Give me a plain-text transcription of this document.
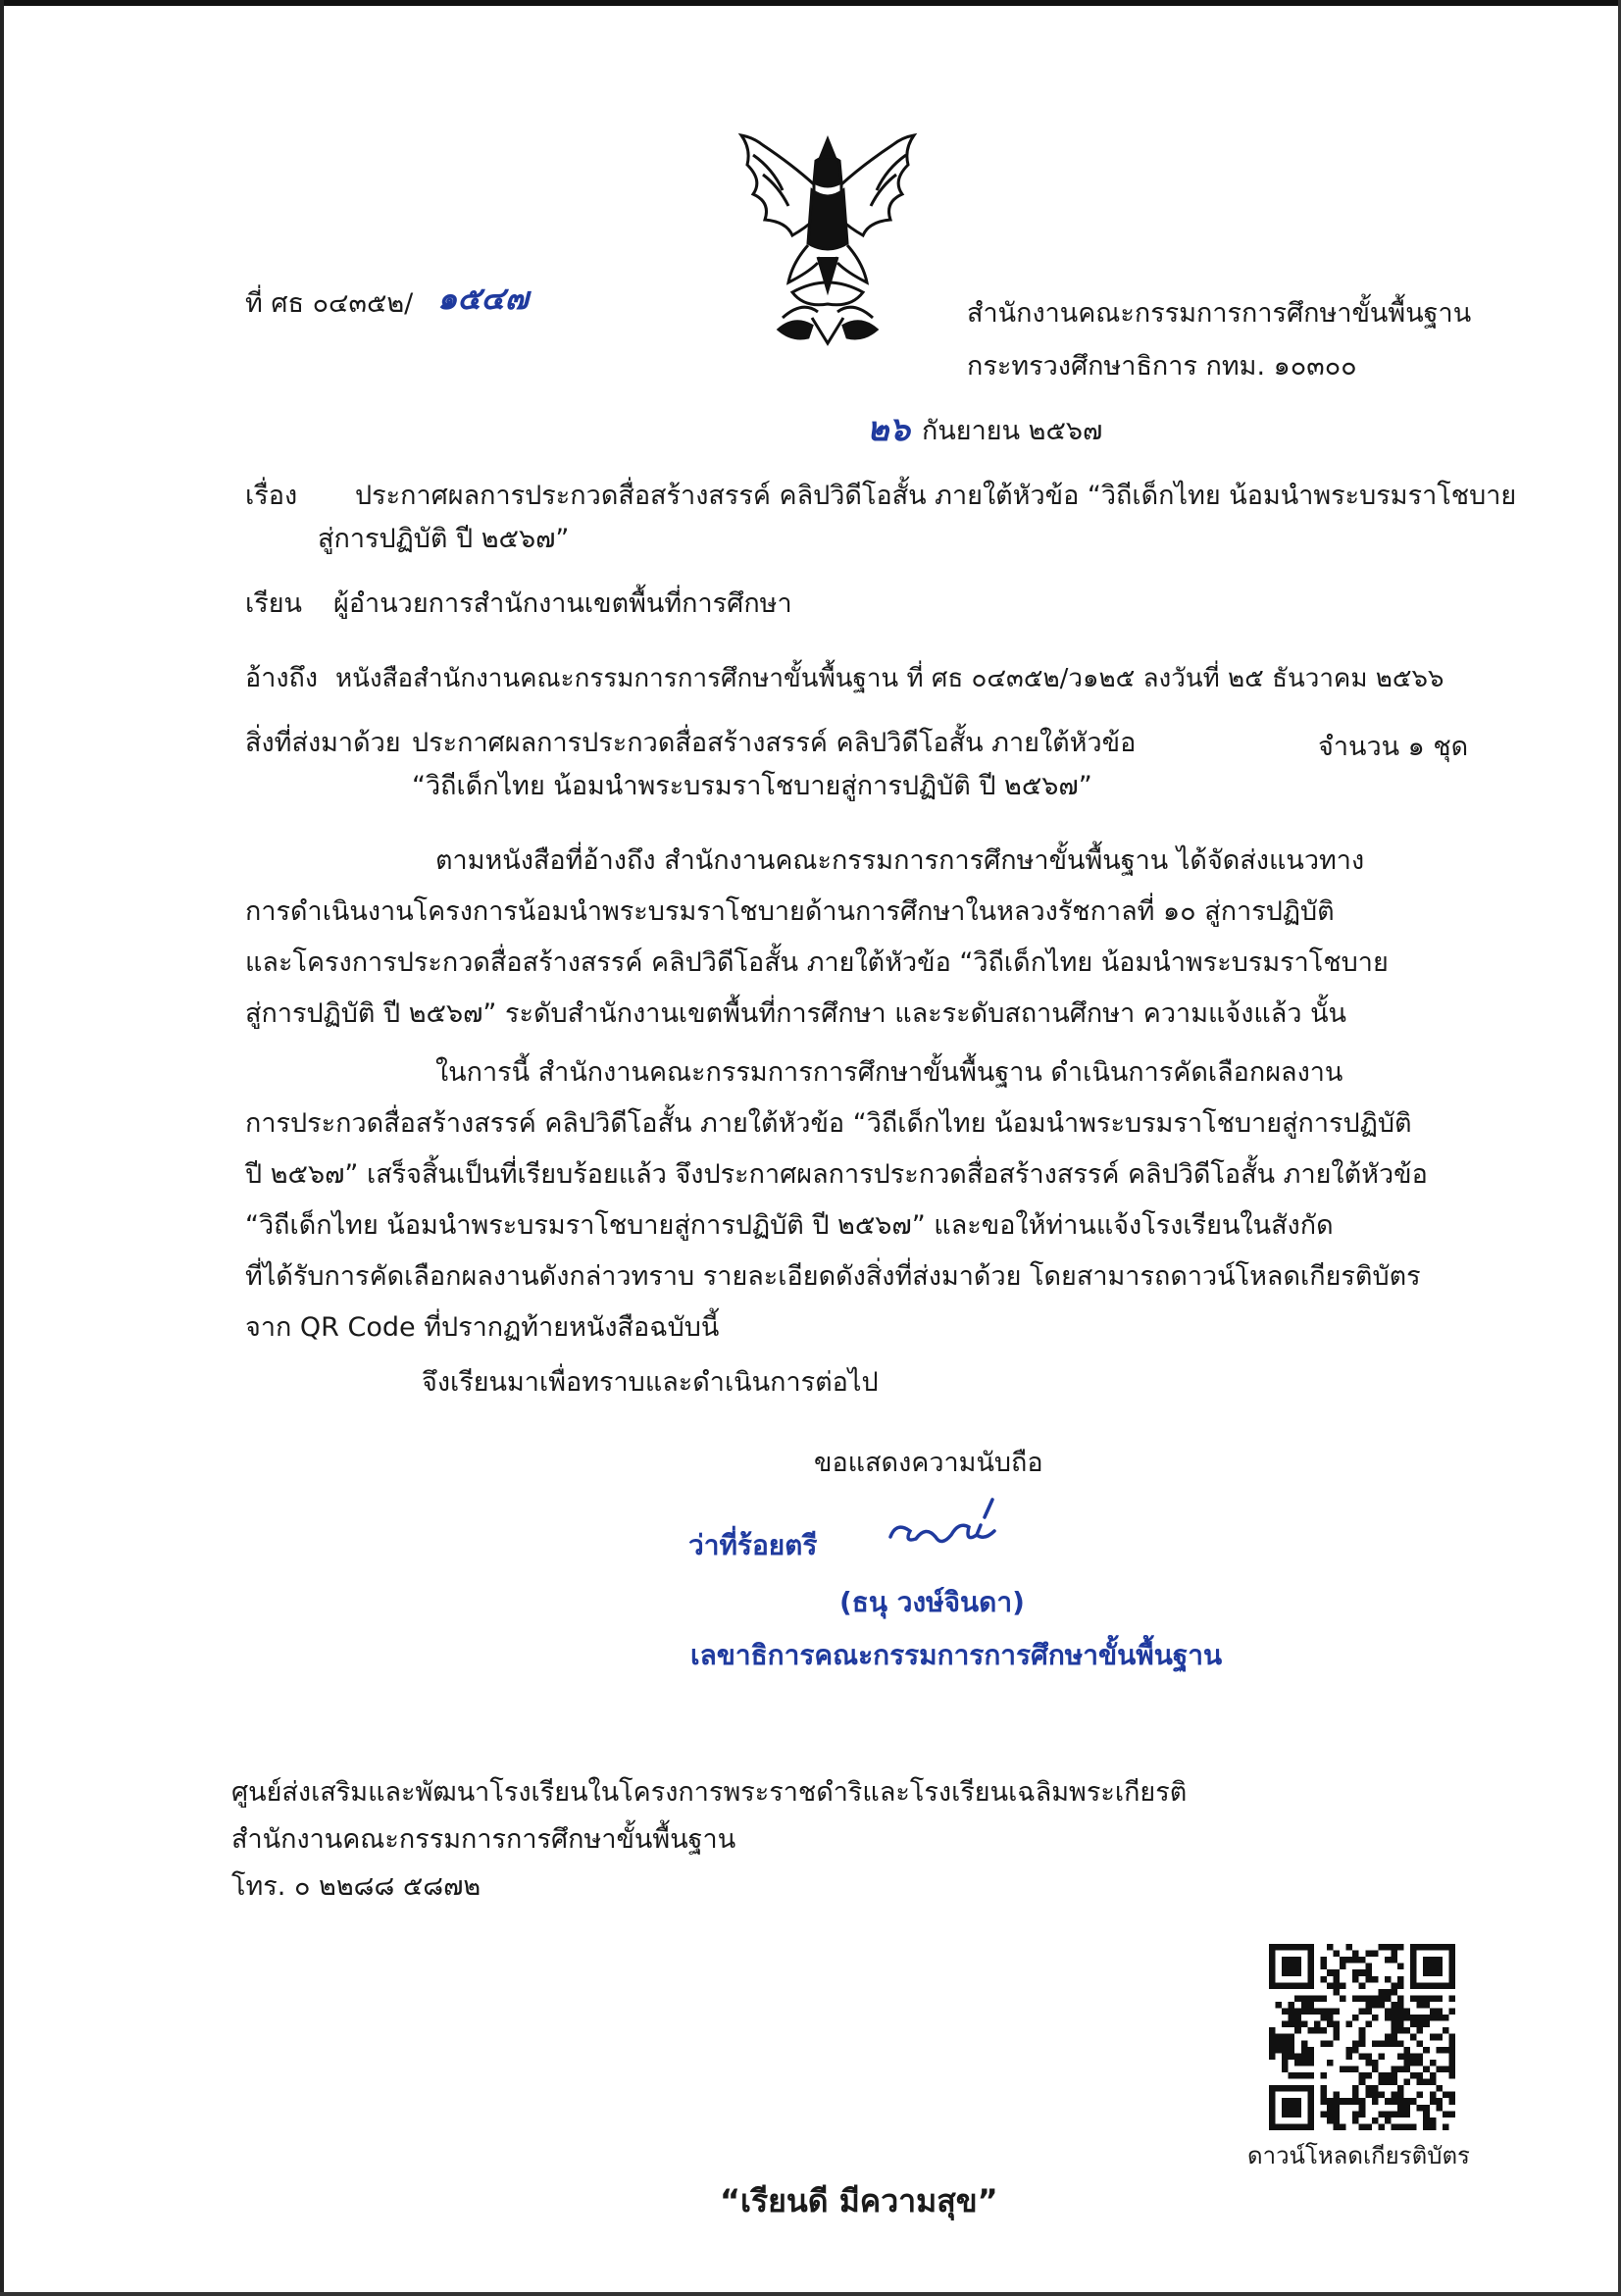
ที่ ศธ ๐๔๓๕๒/ ๑๕๔๗	สำนักงานคณะกรรมการการศึกษาขั้นพื้นฐาน
กระทรวงศึกษาธิการ กทม. ๑๐๓๐๐
๒๖ กันยายน ๒๕๖๗
เรื่อง ประกาศผลการประกวดสื่อสร้างสรรค์ คลิปวิดีโอสั้น ภายใต้หัวข้อ “วิถีเด็กไทย น้อมนำพระบรมราโชบาย
สู่การปฏิบัติ ปี ๒๕๖๗”
เรียน ผู้อำนวยการสำนักงานเขตพื้นที่การศึกษา
อ้างถึง หนังสือสำนักงานคณะกรรมการการศึกษาขั้นพื้นฐาน ที่ ศธ ๐๔๓๕๒/ว๑๒๕ ลงวันที่ ๒๕ ธันวาคม ๒๕๖๖
สิ่งที่ส่งมาด้วย ประกาศผลการประกวดสื่อสร้างสรรค์ คลิปวิดีโอสั้น ภายใต้หัวข้อ	จำนวน ๑ ชุด
“วิถีเด็กไทย น้อมนำพระบรมราโชบายสู่การปฏิบัติ ปี ๒๕๖๗”
ตามหนังสือที่อ้างถึง สำนักงานคณะกรรมการการศึกษาขั้นพื้นฐาน ได้จัดส่งแนวทาง
การดำเนินงานโครงการน้อมนำพระบรมราโชบายด้านการศึกษาในหลวงรัชกาลที่ ๑๐ สู่การปฏิบัติ
และโครงการประกวดสื่อสร้างสรรค์ คลิปวิดีโอสั้น ภายใต้หัวข้อ “วิถีเด็กไทย น้อมนำพระบรมราโชบาย
สู่การปฏิบัติ ปี ๒๕๖๗” ระดับสำนักงานเขตพื้นที่การศึกษา และระดับสถานศึกษา ความแจ้งแล้ว นั้น
ในการนี้ สำนักงานคณะกรรมการการศึกษาขั้นพื้นฐาน ดำเนินการคัดเลือกผลงาน
การประกวดสื่อสร้างสรรค์ คลิปวิดีโอสั้น ภายใต้หัวข้อ “วิถีเด็กไทย น้อมนำพระบรมราโชบายสู่การปฏิบัติ
ปี ๒๕๖๗” เสร็จสิ้นเป็นที่เรียบร้อยแล้ว จึงประกาศผลการประกวดสื่อสร้างสรรค์ คลิปวิดีโอสั้น ภายใต้หัวข้อ
“วิถีเด็กไทย น้อมนำพระบรมราโชบายสู่การปฏิบัติ ปี ๒๕๖๗” และขอให้ท่านแจ้งโรงเรียนในสังกัด
ที่ได้รับการคัดเลือกผลงานดังกล่าวทราบ รายละเอียดดังสิ่งที่ส่งมาด้วย โดยสามารถดาวน์โหลดเกียรติบัตร
จาก QR Code ที่ปรากฏท้ายหนังสือฉบับนี้
จึงเรียนมาเพื่อทราบและดำเนินการต่อไป
ขอแสดงความนับถือ
ว่าที่ร้อยตรี
(ธนุ วงษ์จินดา)
เลขาธิการคณะกรรมการการศึกษาขั้นพื้นฐาน
ศูนย์ส่งเสริมและพัฒนาโรงเรียนในโครงการพระราชดำริและโรงเรียนเฉลิมพระเกียรติ
สำนักงานคณะกรรมการการศึกษาขั้นพื้นฐาน
โทร. ๐ ๒๒๘๘ ๕๘๗๒
ดาวน์โหลดเกียรติบัตร
“เรียนดี มีความสุข”
